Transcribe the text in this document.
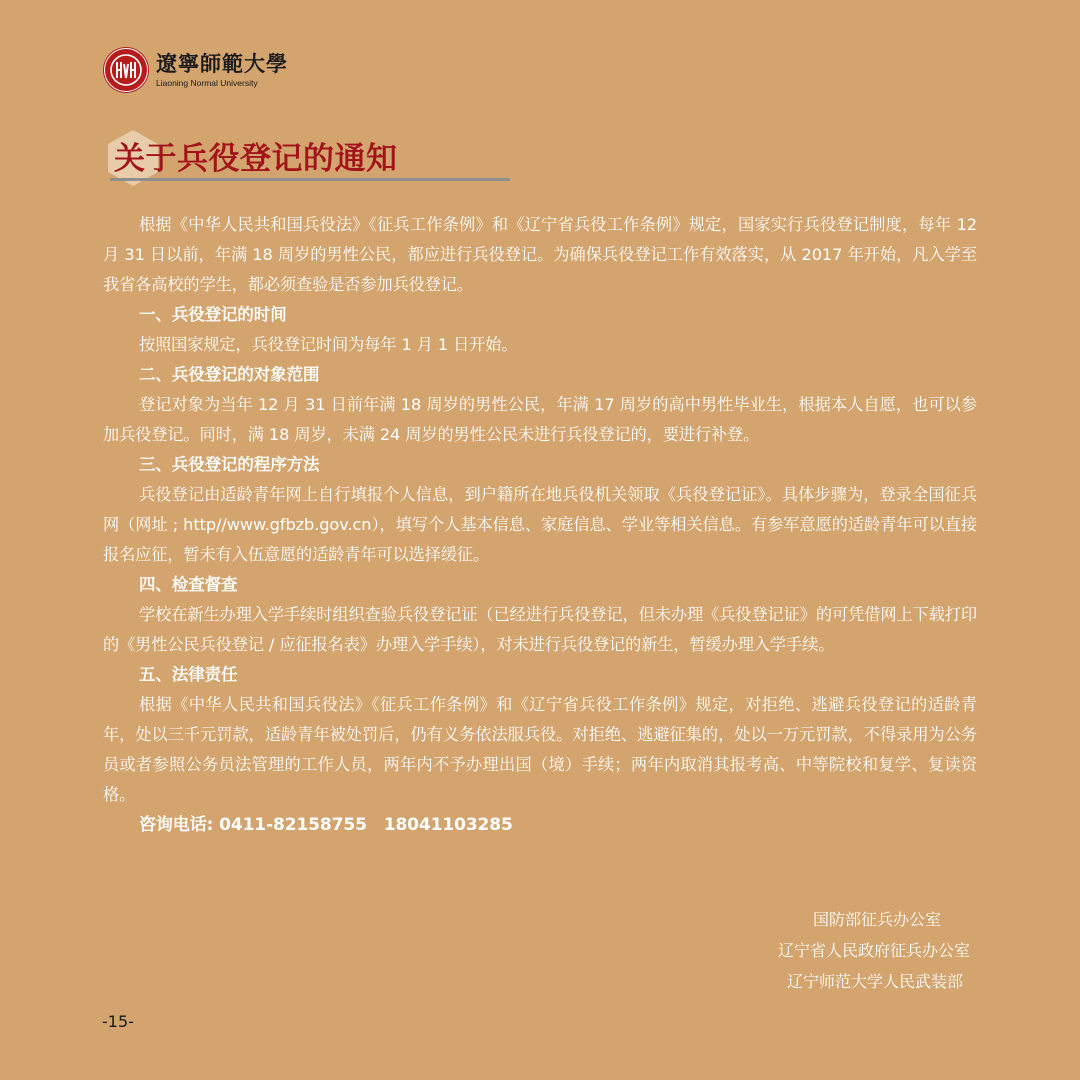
遼寧師範大學
Liaoning Normal University
关于兵役登记的通知

根据《中华人民共和国兵役法》《征兵工作条例》和《辽宁省兵役工作条例》规定，国家实行兵役登记制度，每年 12 月 31 日以前，年满 18 周岁的男性公民，都应进行兵役登记。为确保兵役登记工作有效落实，从 2017 年开始，凡入学至我省各高校的学生，都必须查验是否参加兵役登记。

一、兵役登记的时间

按照国家规定，兵役登记时间为每年 1 月 1 日开始。

二、兵役登记的对象范围

登记对象为当年 12 月 31 日前年满 18 周岁的男性公民，年满 17 周岁的高中男性毕业生，根据本人自愿，也可以参加兵役登记。同时，满 18 周岁，未满 24 周岁的男性公民未进行兵役登记的，要进行补登。

三、兵役登记的程序方法

兵役登记由适龄青年网上自行填报个人信息，到户籍所在地兵役机关领取《兵役登记证》。具体步骤为，登录全国征兵网（网址 ; http//www.gfbzb.gov.cn），填写个人基本信息、家庭信息、学业等相关信息。有参军意愿的适龄青年可以直接报名应征，暂未有入伍意愿的适龄青年可以选择缓征。

四、检查督查

学校在新生办理入学手续时组织查验兵役登记证（已经进行兵役登记，但未办理《兵役登记证》的可凭借网上下载打印的《男性公民兵役登记 / 应征报名表》办理入学手续），对未进行兵役登记的新生，暂缓办理入学手续。

五、法律责任

根据《中华人民共和国兵役法》《征兵工作条例》和《辽宁省兵役工作条例》规定，对拒绝、逃避兵役登记的适龄青年，处以三千元罚款，适龄青年被处罚后，仍有义务依法服兵役。对拒绝、逃避征集的，处以一万元罚款，不得录用为公务员或者参照公务员法管理的工作人员，两年内不予办理出国（境）手续；两年内取消其报考高、中等院校和复学、复读资格。

咨询电话: 0411-82158755　18041103285
国防部征兵办公室
辽宁省人民政府征兵办公室
辽宁师范大学人民武装部
-15-
